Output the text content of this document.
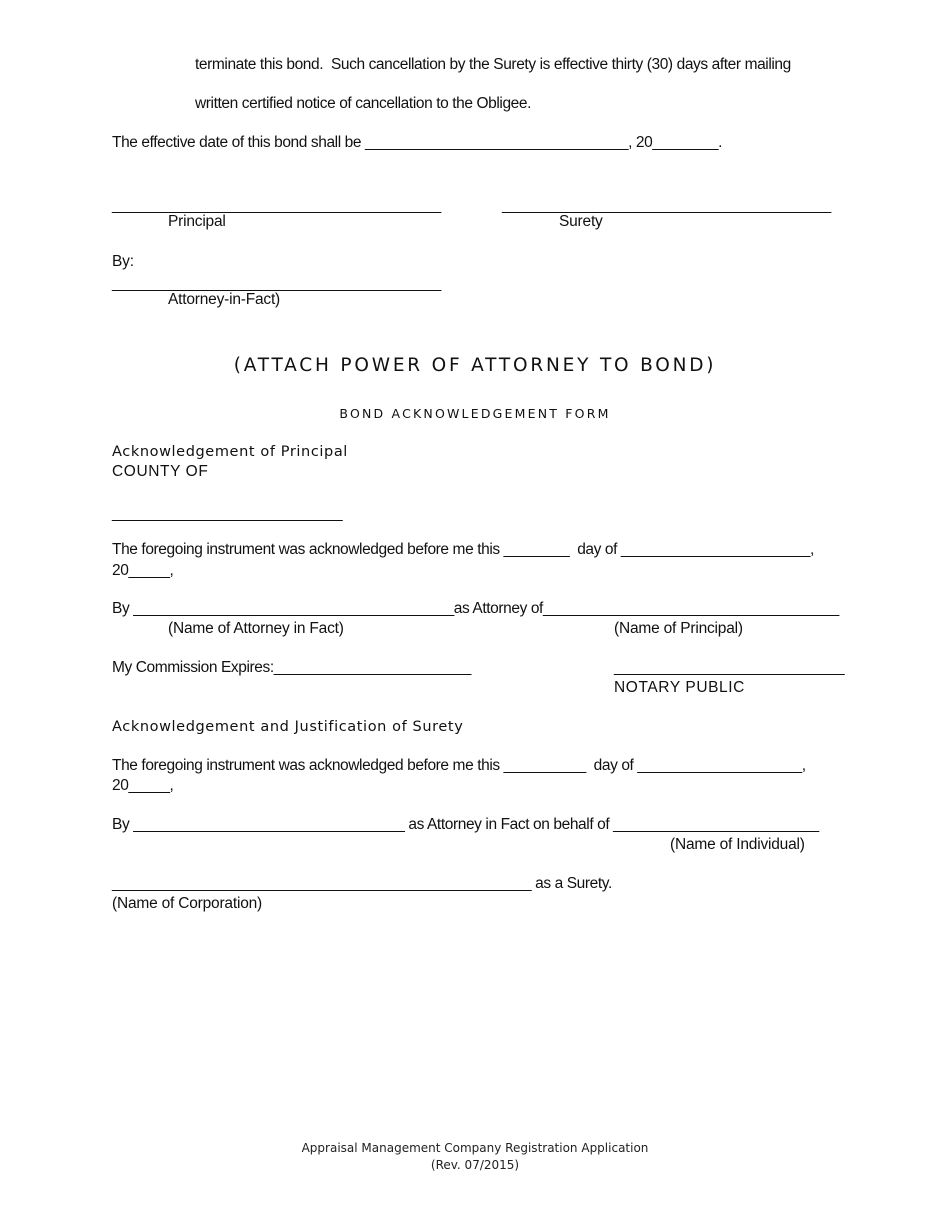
terminate this bond.  Such cancellation by the Surety is effective thirty (30) days after mailing
written certified notice of cancellation to the Obligee.
The effective date of this bond shall be ________________________________, 20________.
________________________________________
Principal
________________________________________
Surety
By:
________________________________________
Attorney-in-Fact)
(ATTACH POWER OF ATTORNEY TO BOND)
BOND ACKNOWLEDGEMENT FORM
Acknowledgement of Principal
COUNTY OF
____________________________
The foregoing instrument was acknowledged before me this ________  day of _______________________,
20_____,
By _______________________________________as Attorney of____________________________________
(Name of Attorney in Fact)	(Name of Principal)
My Commission Expires:________________________	____________________________
NOTARY PUBLIC
Acknowledgement and Justification of Surety
The foregoing instrument was acknowledged before me this __________  day of ____________________,
20_____,
By _________________________________ as Attorney in Fact on behalf of _________________________
(Name of Individual)
___________________________________________________ as a Surety.
(Name of Corporation)
Appraisal Management Company Registration Application
(Rev. 07/2015)
